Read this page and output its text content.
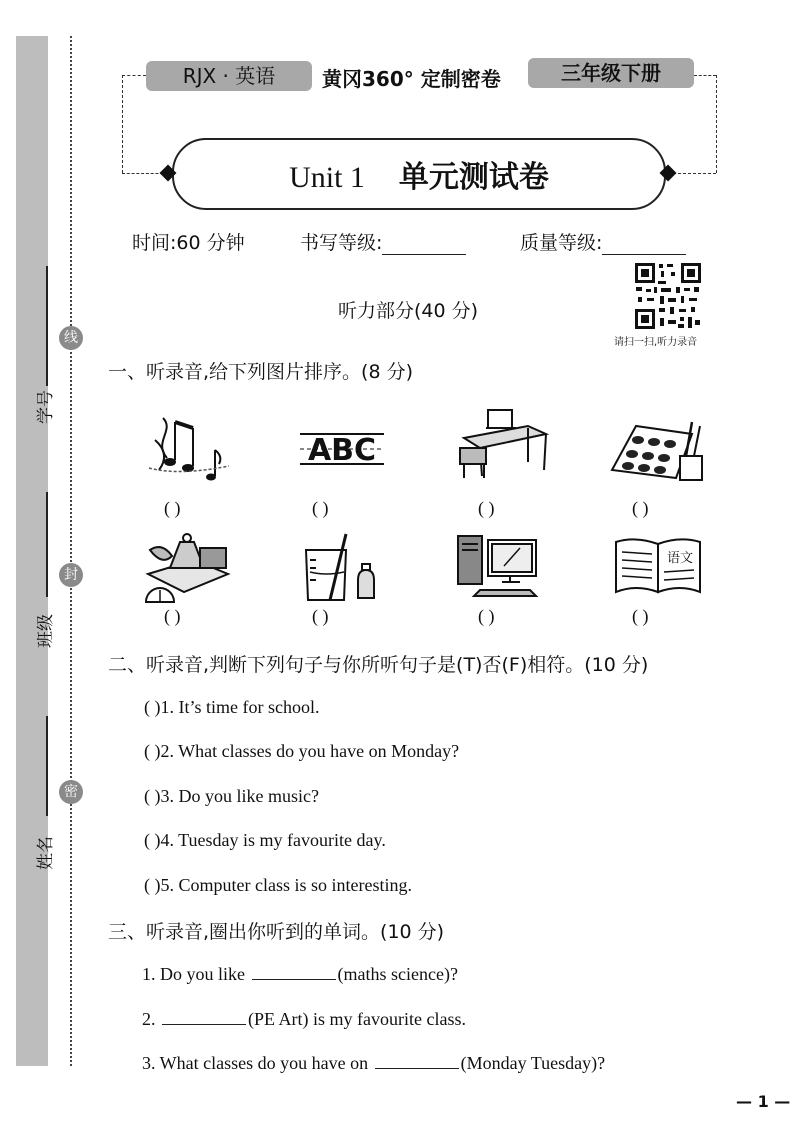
学号
班级
姓名
线
封
密
RJX · 英语	黄冈360° 定制密卷	三年级下册
Unit 1 单元测试卷
时间:60 分钟	书写等级:	质量等级:
请扫一扫,听力录音
听力部分(40 分)
一、听录音,给下列图片排序。(8 分)
ABC
( )	( )	( )	( )
语文
( )	( )	( )	( )
二、听录音,判断下列句子与你所听句子是(T)否(F)相符。(10 分)
( )1. It’s time for school.
( )2. What classes do you have on Monday?
( )3. Do you like music?
( )4. Tuesday is my favourite day.
( )5. Computer class is so interesting.
三、听录音,圈出你听到的单词。(10 分)
1. Do you like	(maths science)?
2.	(PE Art) is my favourite class.
3. What classes do you have on	(Monday Tuesday)?
— 1 —
